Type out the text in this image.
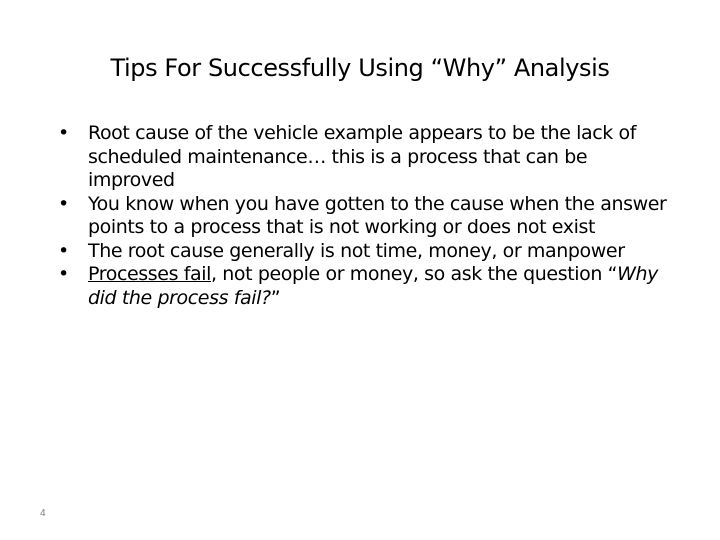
Tips For Successfully Using “Why” Analysis
•	Root cause of the vehicle example appears to be the lack of scheduled maintenance… this is a process that can be improved
•	You know when you have gotten to the cause when the answer points to a process that is not working or does not exist
•	The root cause generally is not time, money, or manpower
•	Processes fail, not people or money, so ask the question “Why did the process fail?”
4
